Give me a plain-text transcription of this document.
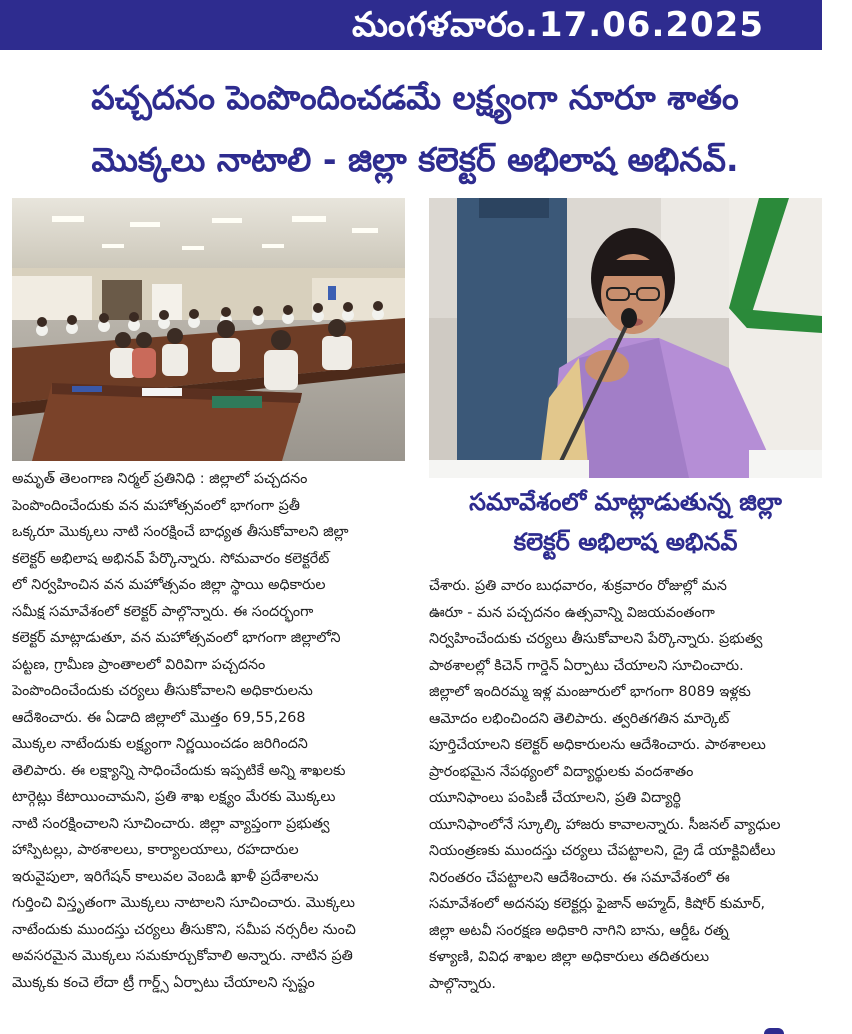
మంగళవారం.17.06.2025
పచ్చదనం పెంపొందించడమే లక్ష్యంగా నూరూ శాతం
మొక్కలు నాటాలి - జిల్లా కలెక్టర్ అభిలాష అభినవ్.
సమావేశంలో మాట్లాడుతున్న జిల్లా
కలెక్టర్ అభిలాష అభినవ్
అమృత్ తెలంగాణ నిర్మల్ ప్రతినిధి : జిల్లాలో పచ్చదనం
పెంపొందించేందుకు వన మహోత్సవంలో భాగంగా ప్రతీ
ఒక్కరూ మొక్కలు నాటి సంరక్షించే బాధ్యత తీసుకోవాలని జిల్లా
కలెక్టర్ అభిలాష అభినవ్ పేర్కొన్నారు. సోమవారం కలెక్టరేట్
లో నిర్వహించిన వన మహోత్సవం జిల్లా స్థాయి అధికారుల
సమీక్ష సమావేశంలో కలెక్టర్ పాల్గొన్నారు. ఈ సందర్భంగా
కలెక్టర్ మాట్లాడుతూ, వన మహోత్సవంలో భాగంగా జిల్లాలోని
పట్టణ, గ్రామీణ ప్రాంతాలలో విరివిగా పచ్చదనం
పెంపొందించేందుకు చర్యలు తీసుకోవాలని అధికారులను
ఆదేశించారు. ఈ ఏడాది జిల్లాలో మొత్తం 69,55,268
మొక్కల నాటేందుకు లక్ష్యంగా నిర్ణయించడం జరిగిందని
తెలిపారు. ఈ లక్ష్యాన్ని సాధించేందుకు ఇప్పటికే అన్ని శాఖలకు
టార్గెట్లు కేటాయించామని, ప్రతి శాఖ లక్ష్యం మేరకు మొక్కలు
నాటి సంరక్షించాలని సూచించారు. జిల్లా వ్యాప్తంగా ప్రభుత్వ
హాస్పిటల్లు, పాఠశాలలు, కార్యాలయాలు, రహదారుల
ఇరువైపులా, ఇరిగేషన్ కాలువల వెంబడి ఖాళీ ప్రదేశాలను
గుర్తించి విస్తృతంగా మొక్కలు నాటాలని సూచించారు. మొక్కలు
నాటేందుకు ముందస్తు చర్యలు తీసుకొని, సమీప నర్సరీల నుంచి
అవసరమైన మొక్కలు సమకూర్చుకోవాలి అన్నారు. నాటిన ప్రతి
మొక్కకు కంచె లేదా ట్రీ గార్డ్స్ ఏర్పాటు చేయాలని స్పష్టం
చేశారు. ప్రతి వారం బుధవారం, శుక్రవారం రోజుల్లో మన
ఊరూ - మన పచ్చదనం ఉత్సవాన్ని విజయవంతంగా
నిర్వహించేందుకు చర్యలు తీసుకోవాలని పేర్కొన్నారు. ప్రభుత్వ
పాఠశాలల్లో కిచెన్ గార్డెన్ ఏర్పాటు చేయాలని సూచించారు.
జిల్లాలో ఇందిరమ్మ ఇళ్ల మంజూరులో భాగంగా 8089 ఇళ్లకు
ఆమోదం లభించిందని తెలిపారు. త్వరితగతిన మార్కెట్
పూర్తిచేయాలని కలెక్టర్ అధికారులను ఆదేశించారు. పాఠశాలలు
ప్రారంభమైన నేపథ్యంలో విద్యార్థులకు వందశాతం
యూనిఫాంలు పంపిణీ చేయాలని, ప్రతి విద్యార్థి
యూనిఫాంలోనే స్కూల్కి హాజరు కావాలన్నారు. సీజనల్ వ్యాధుల
నియంత్రణకు ముందస్తు చర్యలు చేపట్టాలని, డ్రై డే యాక్టివిటీలు
నిరంతరం చేపట్టాలని ఆదేశించారు. ఈ సమావేశంలో ఈ
సమావేశంలో అదనపు కలెక్టర్లు ఫైజాన్ అహ్మద్, కిషోర్ కుమార్,
జిల్లా అటవీ సంరక్షణ అధికారి నాగిని బాను, ఆర్డీఓ రత్న
కళ్యాణి, వివిధ శాఖల జిల్లా అధికారులు తదితరులు
పాల్గొన్నారు.
